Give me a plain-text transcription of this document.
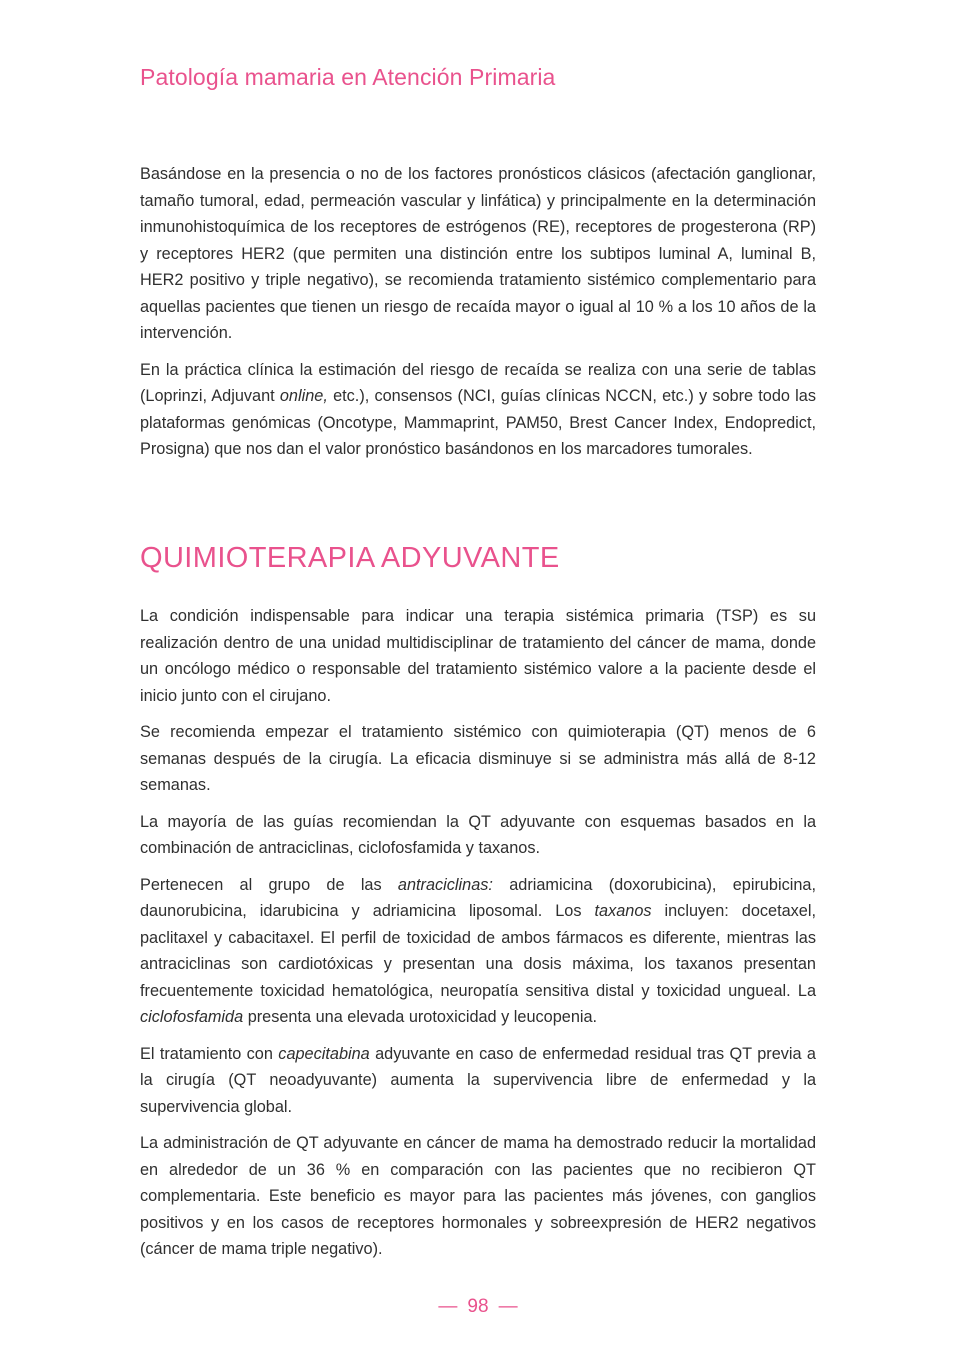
Patología mamaria en Atención Primaria

Basándose en la presencia o no de los factores pronósticos clásicos (afectación ganglionar, tamaño tumoral, edad, permeación vascular y linfática) y principalmente en la determinación inmunohistoquímica de los receptores de estrógenos (RE), receptores de progesterona (RP) y receptores HER2 (que permiten una distinción entre los subtipos luminal A, luminal B, HER2 positivo y triple negativo), se recomienda tratamiento sistémico complementario para aquellas pacientes que tienen un riesgo de recaída mayor o igual al 10 % a los 10 años de la intervención.

En la práctica clínica la estimación del riesgo de recaída se realiza con una serie de tablas (Loprinzi, Adjuvant online, etc.), consensos (NCI, guías clínicas NCCN, etc.) y sobre todo las plataformas genómicas (Oncotype, Mammaprint, PAM50, Brest Cancer Index, Endopredict, Prosigna) que nos dan el valor pronóstico basándonos en los marcadores tumorales.

QUIMIOTERAPIA ADYUVANTE

La condición indispensable para indicar una terapia sistémica primaria (TSP) es su realización dentro de una unidad multidisciplinar de tratamiento del cáncer de mama, donde un oncólogo médico o responsable del tratamiento sistémico valore a la paciente desde el inicio junto con el cirujano.

Se recomienda empezar el tratamiento sistémico con quimioterapia (QT) menos de 6 semanas después de la cirugía. La eficacia disminuye si se administra más allá de 8-12 semanas.

La mayoría de las guías recomiendan la QT adyuvante con esquemas basados en la combinación de antraciclinas, ciclofosfamida y taxanos.

Pertenecen al grupo de las antraciclinas: adriamicina (doxorubicina), epirubicina, daunorubicina, idarubicina y adriamicina liposomal. Los taxanos incluyen: docetaxel, paclitaxel y cabacitaxel. El perfil de toxicidad de ambos fármacos es diferente, mientras las antraciclinas son cardiotóxicas y presentan una dosis máxima, los taxanos presentan frecuentemente toxicidad hematológica, neuropatía sensitiva distal y toxicidad ungueal. La ciclofosfamida presenta una elevada urotoxicidad y leucopenia.

El tratamiento con capecitabina adyuvante en caso de enfermedad residual tras QT previa a la cirugía (QT neoadyuvante) aumenta la supervivencia libre de enfermedad y la supervivencia global.

La administración de QT adyuvante en cáncer de mama ha demostrado reducir la mortalidad en alrededor de un 36 % en comparación con las pacientes que no recibieron QT complementaria. Este beneficio es mayor para las pacientes más jóvenes, con ganglios positivos y en los casos de receptores hormonales y sobreexpresión de HER2 negativos (cáncer de mama triple negativo).

— 98 —
